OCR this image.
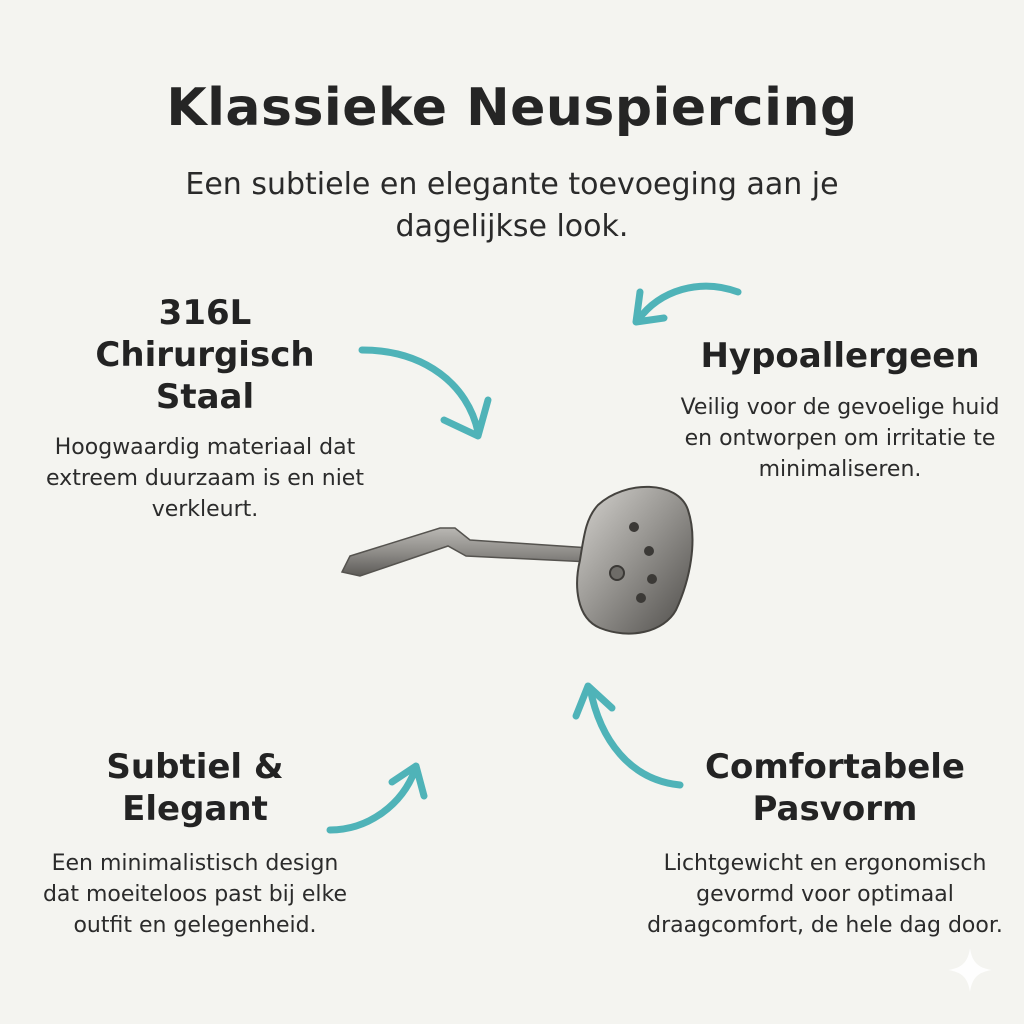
Klassieke Neuspiercing
Een subtiele en elegante toevoeging aan je dagelijkse look.
316L Chirurgisch Staal
Hoogwaardig materiaal dat extreem duurzaam is en niet verkleurt.
Hypoallergeen
Veilig voor de gevoelige huid en ontworpen om irritatie te minimaliseren.
Subtiel & Elegant
Een minimalistisch design dat moeiteloos past bij elke outfit en gelegenheid.
Comfortabele Pasvorm
Lichtgewicht en ergonomisch gevormd voor optimaal draagcomfort, de hele dag door.
